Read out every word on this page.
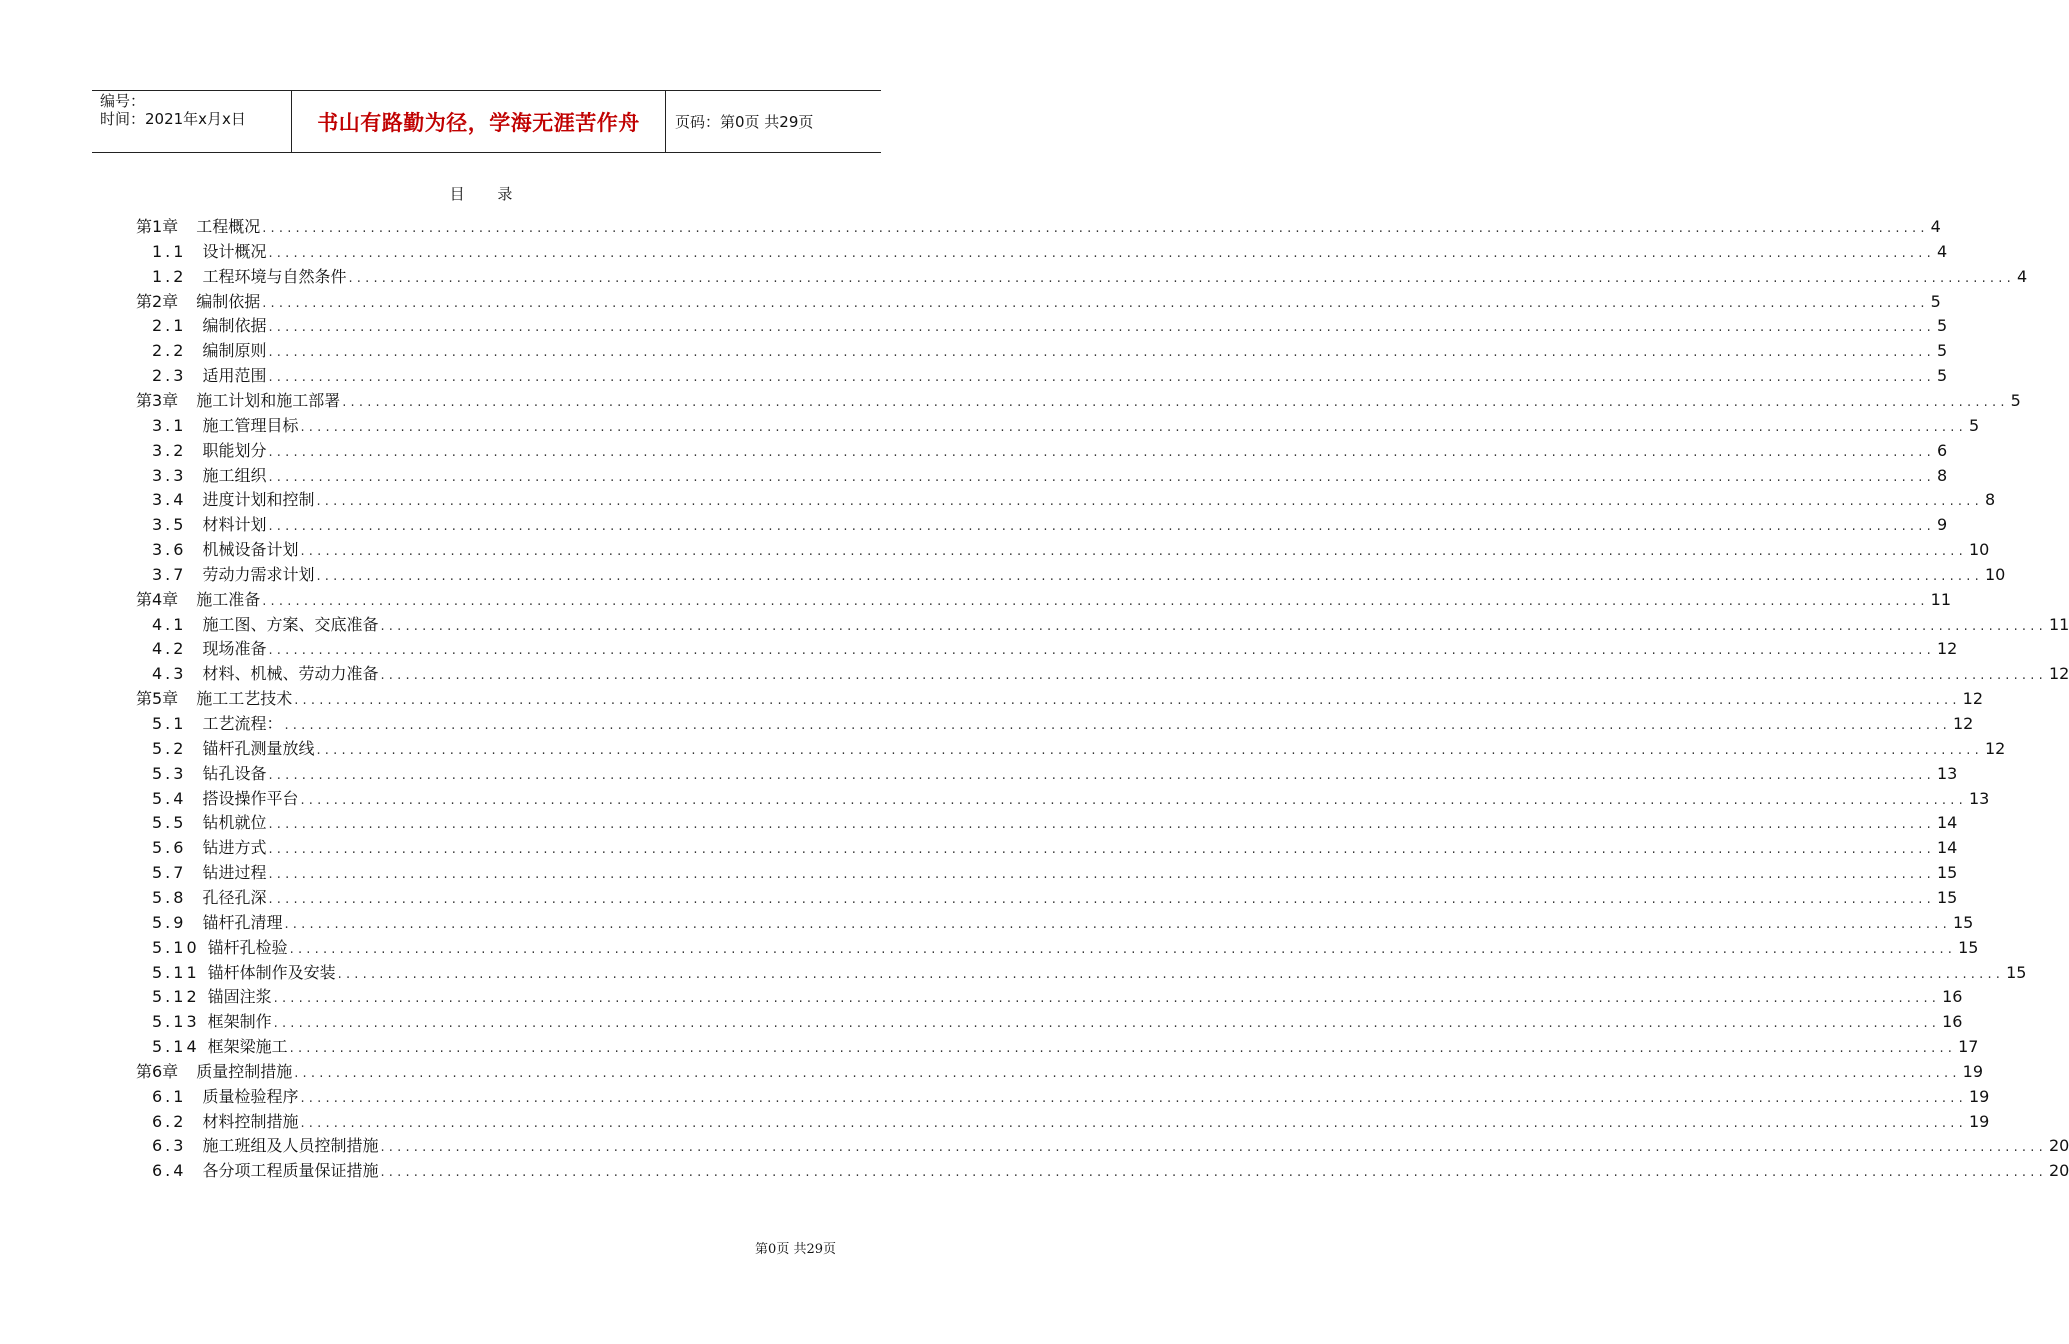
编号：
时间：2021年x月x日	书山有路勤为径，学海无涯苦作舟	页码：第0页 共29页
目 录
第1章 工程概况 ........................................................................................................................................................................................................ 4
1.1 设计概况 ........................................................................................................................................................................................................ 4
1.2 工程环境与自然条件 ........................................................................................................................................................................................................ 4
第2章 编制依据 ........................................................................................................................................................................................................ 5
2.1 编制依据 ........................................................................................................................................................................................................ 5
2.2 编制原则 ........................................................................................................................................................................................................ 5
2.3 适用范围 ........................................................................................................................................................................................................ 5
第3章 施工计划和施工部署 ........................................................................................................................................................................................................ 5
3.1 施工管理目标 ........................................................................................................................................................................................................ 5
3.2 职能划分 ........................................................................................................................................................................................................ 6
3.3 施工组织 ........................................................................................................................................................................................................ 8
3.4 进度计划和控制 ........................................................................................................................................................................................................ 8
3.5 材料计划 ........................................................................................................................................................................................................ 9
3.6 机械设备计划 ........................................................................................................................................................................................................ 10
3.7 劳动力需求计划 ........................................................................................................................................................................................................ 10
第4章 施工准备 ........................................................................................................................................................................................................ 11
4.1 施工图、方案、交底准备 ........................................................................................................................................................................................................ 11
4.2 现场准备 ........................................................................................................................................................................................................ 12
4.3 材料、机械、劳动力准备 ........................................................................................................................................................................................................ 12
第5章 施工工艺技术 ........................................................................................................................................................................................................ 12
5.1 工艺流程： ........................................................................................................................................................................................................ 12
5.2 锚杆孔测量放线 ........................................................................................................................................................................................................ 12
5.3 钻孔设备 ........................................................................................................................................................................................................ 13
5.4 搭设操作平台 ........................................................................................................................................................................................................ 13
5.5 钻机就位 ........................................................................................................................................................................................................ 14
5.6 钻进方式 ........................................................................................................................................................................................................ 14
5.7 钻进过程 ........................................................................................................................................................................................................ 15
5.8 孔径孔深 ........................................................................................................................................................................................................ 15
5.9 锚杆孔清理 ........................................................................................................................................................................................................ 15
5.10 锚杆孔检验 ........................................................................................................................................................................................................ 15
5.11 锚杆体制作及安装 ........................................................................................................................................................................................................ 15
5.12 锚固注浆 ........................................................................................................................................................................................................ 16
5.13 框架制作 ........................................................................................................................................................................................................ 16
5.14 框架梁施工 ........................................................................................................................................................................................................ 17
第6章 质量控制措施 ........................................................................................................................................................................................................ 19
6.1 质量检验程序 ........................................................................................................................................................................................................ 19
6.2 材料控制措施 ........................................................................................................................................................................................................ 19
6.3 施工班组及人员控制措施 ........................................................................................................................................................................................................ 20
6.4 各分项工程质量保证措施 ........................................................................................................................................................................................................ 20
第0页 共29页
